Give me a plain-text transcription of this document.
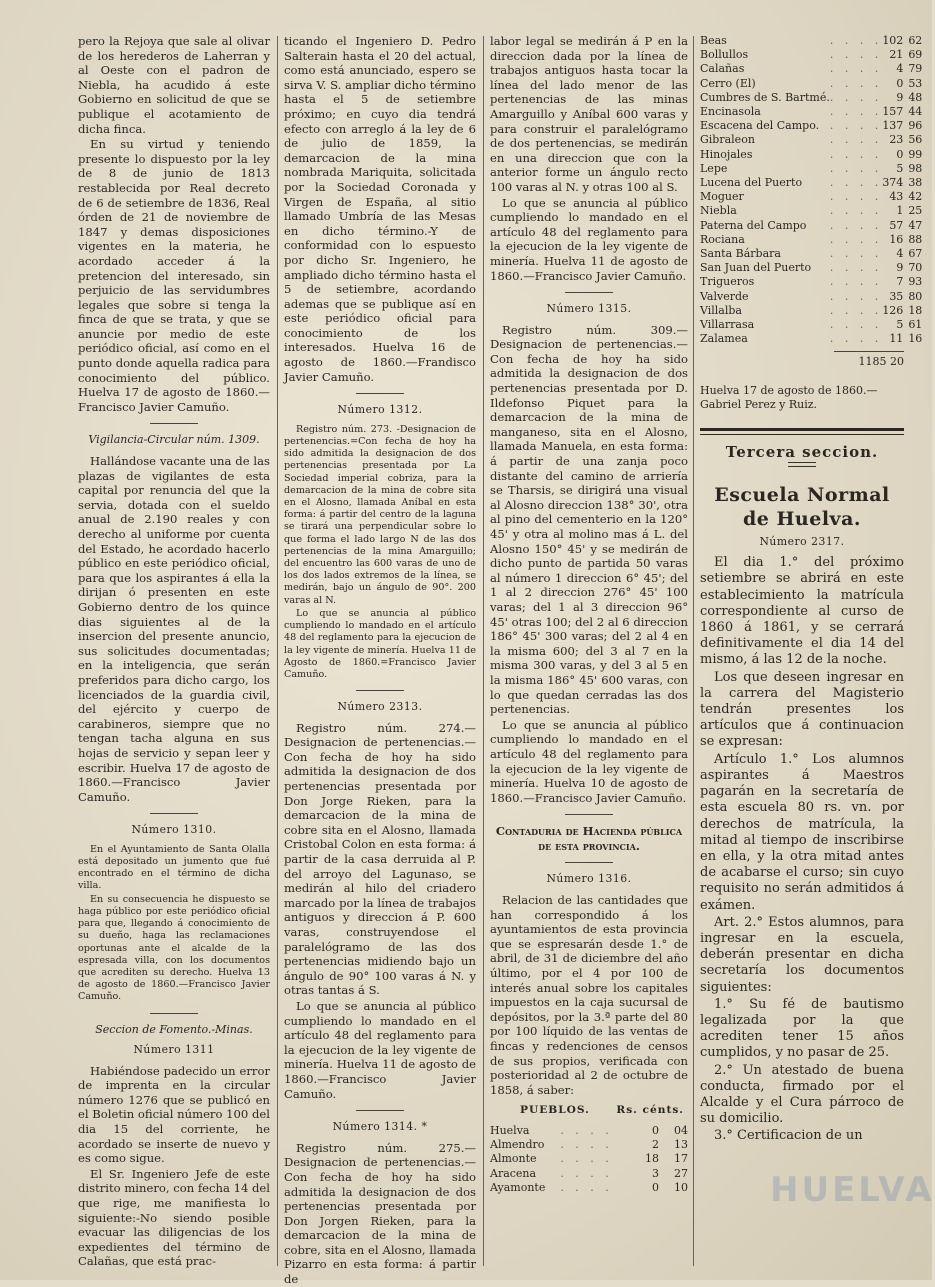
pero la Rejoya que sale al olivar de los herederos de Laherran y al Oeste con el padron de Niebla, ha acudido á este Gobierno en solicitud de que se publique el acotamiento de dicha finca.

En su virtud y teniendo presente lo dispuesto por la ley de 8 de junio de 1813 restablecida por Real decreto de 6 de setiembre de 1836, Real órden de 21 de noviembre de 1847 y demas disposiciones vigentes en la materia, he acordado acceder á la pretencion del interesado, sin perjuicio de las servidumbres legales que sobre si tenga la finca de que se trata, y que se anuncie por medio de este periódico oficial, así como en el punto donde aquella radica para conocimiento del público. Huelva 17 de agosto de 1860.—Francisco Javier Camuño.

Vigilancia-Circular núm. 1309.

Hallándose vacante una de las plazas de vigilantes de esta capital por renuncia del que la servia, dotada con el sueldo anual de 2.190 reales y con derecho al uniforme por cuenta del Estado, he acordado hacerlo público en este periódico oficial, para que los aspirantes á ella la dirijan ó presenten en este Gobierno dentro de los quince dias siguientes al de la insercion del presente anuncio, sus solicitudes documentadas; en la inteligencia, que serán preferidos para dicho cargo, los licenciados de la guardia civil, del ejército y cuerpo de carabineros, siempre que no tengan tacha alguna en sus hojas de servicio y sepan leer y escribir. Huelva 17 de agosto de 1860.—Francisco Javier Camuño.

Número 1310.

En el Ayuntamiento de Santa Olalla está depositado un jumento que fué encontrado en el término de dicha villa.

En su consecuencia he dispuesto se haga público por este periódico oficial para que, llegando á conocimiento de su dueño, haga las reclamaciones oportunas ante el alcalde de la espresada villa, con los documentos que acrediten su derecho. Huelva 13 de agosto de 1860.—Francisco Javier Camuño.

Seccion de Fomento.-Minas.
Número 1311

Habiéndose padecido un error de imprenta en la circular número 1276 que se publicó en el Boletin oficial número 100 del dia 15 del corriente, he acordado se inserte de nuevo y es como sigue.

El Sr. Ingeniero Jefe de este distrito minero, con fecha 14 del que rige, me manifiesta lo siguiente:-No siendo posible evacuar las diligencias de los expedientes del término de Calañas, que está prac-

ticando el Ingeniero D. Pedro Salterain hasta el 20 del actual, como está anunciado, espero se sirva V. S. ampliar dicho término hasta el 5 de setiembre próximo; en cuyo dia tendrá efecto con arreglo á la ley de 6 de julio de 1859, la demarcacion de la mina nombrada Mariquita, solicitada por la Sociedad Coronada y Virgen de España, al sitio llamado Umbría de las Mesas en dicho término.-Y de conformidad con lo espuesto por dicho Sr. Ingeniero, he ampliado dicho término hasta el 5 de setiembre, acordando ademas que se publique así en este periódico oficial para conocimiento de los interesados. Huelva 16 de agosto de 1860.—Frandisco Javier Camuño.

Número 1312.

Registro núm. 273. -Designacion de pertenencias.=Con fecha de hoy ha sido admitida la designacion de dos pertenencias presentada por La Sociedad imperial cobriza, para la demarcacion de la mina de cobre sita en el Alosno, llamada Aníbal en esta forma: á partir del centro de la laguna se tirará una perpendicular sobre lo que forma el lado largo N de las dos pertenencias de la mina Amarguillo; del encuentro las 600 varas de uno de los dos lados extremos de la línea, se medirán, bajo un ángulo de 90°. 200 varas al N.

Lo que se anuncia al público cumpliendo lo mandado en el artículo 48 del reglamento para la ejecucion de la ley vigente de minería. Huelva 11 de Agosto de 1860.=Francisco Javier Camuño.

Número 2313.

Registro núm. 274.—Designacion de pertenencias.—Con fecha de hoy ha sido admitida la designacion de dos pertenencias presentada por Don Jorge Rieken, para la demarcacion de la mina de cobre sita en el Alosno, llamada Cristobal Colon en esta forma: á partir de la casa derruida al P. del arroyo del Lagunaso, se medirán al hilo del criadero marcado por la línea de trabajos antiguos y direccion á P. 600 varas, construyendose el paralelógramo de las dos pertenencias midiendo bajo un ángulo de 90° 100 varas á N. y otras tantas á S.

Lo que se anuncia al público cumpliendo lo mandado en el artículo 48 del reglamento para la ejecucion de la ley vigente de minería. Huelva 11 de agosto de 1860.—Francisco Javier Camuño.

Número 1314. *

Registro núm. 275.—Designacion de pertenencias.—Con fecha de hoy ha sido admitida la designacion de dos pertenencias presentada por Don Jorgen Rieken, para la demarcacion de la mina de cobre, sita en el Alosno, llamada Pizarro en esta forma: á partir de

labor legal se medirán á P en la direccion dada por la línea de trabajos antiguos hasta tocar la línea del lado menor de las pertenencias de las minas Amarguillo y Aníbal 600 varas y para construir el paralelógramo de dos pertenencias, se medirán en una direccion que con la anterior forme un ángulo recto 100 varas al N. y otras 100 al S.

Lo que se anuncia al público cumpliendo lo mandado en el artículo 48 del reglamento para la ejecucion de la ley vigente de minería. Huelva 11 de agosto de 1860.—Francisco Javier Camuño.

Número 1315.

Registro núm. 309.—Designacion de pertenencias.—Con fecha de hoy ha sido admitida la designacion de dos pertenencias presentada por D. Ildefonso Piquet para la demarcacion de la mina de manganeso, sita en el Alosno, llamada Manuela, en esta forma: á partir de una zanja poco distante del camino de arriería se Tharsis, se dirigirá una visual al Alosno direccion 138° 30', otra al pino del cementerio en la 120° 45' y otra al molino mas á L. del Alosno 150° 45' y se medirán de dicho punto de partida 50 varas al número 1 direccion 6° 45'; del 1 al 2 direccion 276° 45' 100 varas; del 1 al 3 direccion 96° 45' otras 100; del 2 al 6 direccion 186° 45' 300 varas; del 2 al 4 en la misma 600; del 3 al 7 en la misma 300 varas, y del 3 al 5 en la misma 186° 45' 600 varas, con lo que quedan cerradas las dos pertenencias.

Lo que se anuncia al público cumpliendo lo mandado en el artículo 48 del reglamento para la ejecucion de la ley vigente de minería. Huelva 10 de agosto de 1860.—Francisco Javier Camuño.

Contaduria de Hacienda pública de esta provincia.
Número 1316.

Relacion de las cantidades que han correspondido á los ayuntamientos de esta provincia que se espresarán desde 1.° de abril, de 31 de diciembre del año último, por el 4 por 100 de interés anual sobre los capitales impuestos en la caja sucursal de depósitos, por la 3.ª parte del 80 por 100 líquido de las ventas de fincas y redenciones de censos de sus propios, verificada con posterioridad al 2 de octubre de 1858, á saber:

PUEBLOS.	Rs. cénts.
Huelva	. . . .	0	04
Almendro	. . . .	2	13
Almonte	. . . .	18	17
Aracena	. . . .	3	27
Ayamonte	. . . .	0	10
Beas	. . . .	102	62
Bollullos	. . . .	21	69
Calañas	. . . .	4	79
Cerro (El)	. . . .	0	53
Cumbres de S. Bartmé.	. . . .	9	48
Encinasola	. . . .	157	44
Escacena del Campo.	. . . .	137	96
Gibraleon	. . . .	23	56
Hinojales	. . . .	0	99
Lepe	. . . .	5	98
Lucena del Puerto	. . . .	374	38
Moguer	. . . .	43	42
Niebla	. . . .	1	25
Paterna del Campo	. . . .	57	47
Rociana	. . . .	16	88
Santa Bárbara	. . . .	4	67
San Juan del Puerto	. . . .	9	70
Trigueros	. . . .	7	93
Valverde	. . . .	35	80
Villalba	. . . .	126	18
Villarrasa	. . . .	5	61
Zalamea	. . . .	11	16
1185 20
Huelva 17 de agosto de 1860.—Gabriel Perez y Ruiz.
Tercera seccion.
Escuela Normal de Huelva.
Número 2317.

El dia 1.° del próximo setiembre se abrirá en este establecimiento la matrícula correspondiente al curso de 1860 á 1861, y se cerrará definitivamente el dia 14 del mismo, á las 12 de la noche.

Los que deseen ingresar en la carrera del Magisterio tendrán presentes los artículos que á continuacion se expresan:

Artículo 1.° Los alumnos aspirantes á Maestros pagarán en la secretaría de esta escuela 80 rs. vn. por derechos de matrícula, la mitad al tiempo de inscribirse en ella, y la otra mitad antes de acabarse el curso; sin cuyo requisito no serán admitidos á exámen.

Art. 2.° Estos alumnos, para ingresar en la escuela, deberán presentar en dicha secretaría los documentos siguientes:

1.° Su fé de bautismo legalizada por la que acrediten tener 15 años cumplidos, y no pasar de 25.

2.° Un atestado de buena conducta, firmado por el Alcalde y el Cura párroco de su domicilio.

3.° Certificacion de un

HUELVA
